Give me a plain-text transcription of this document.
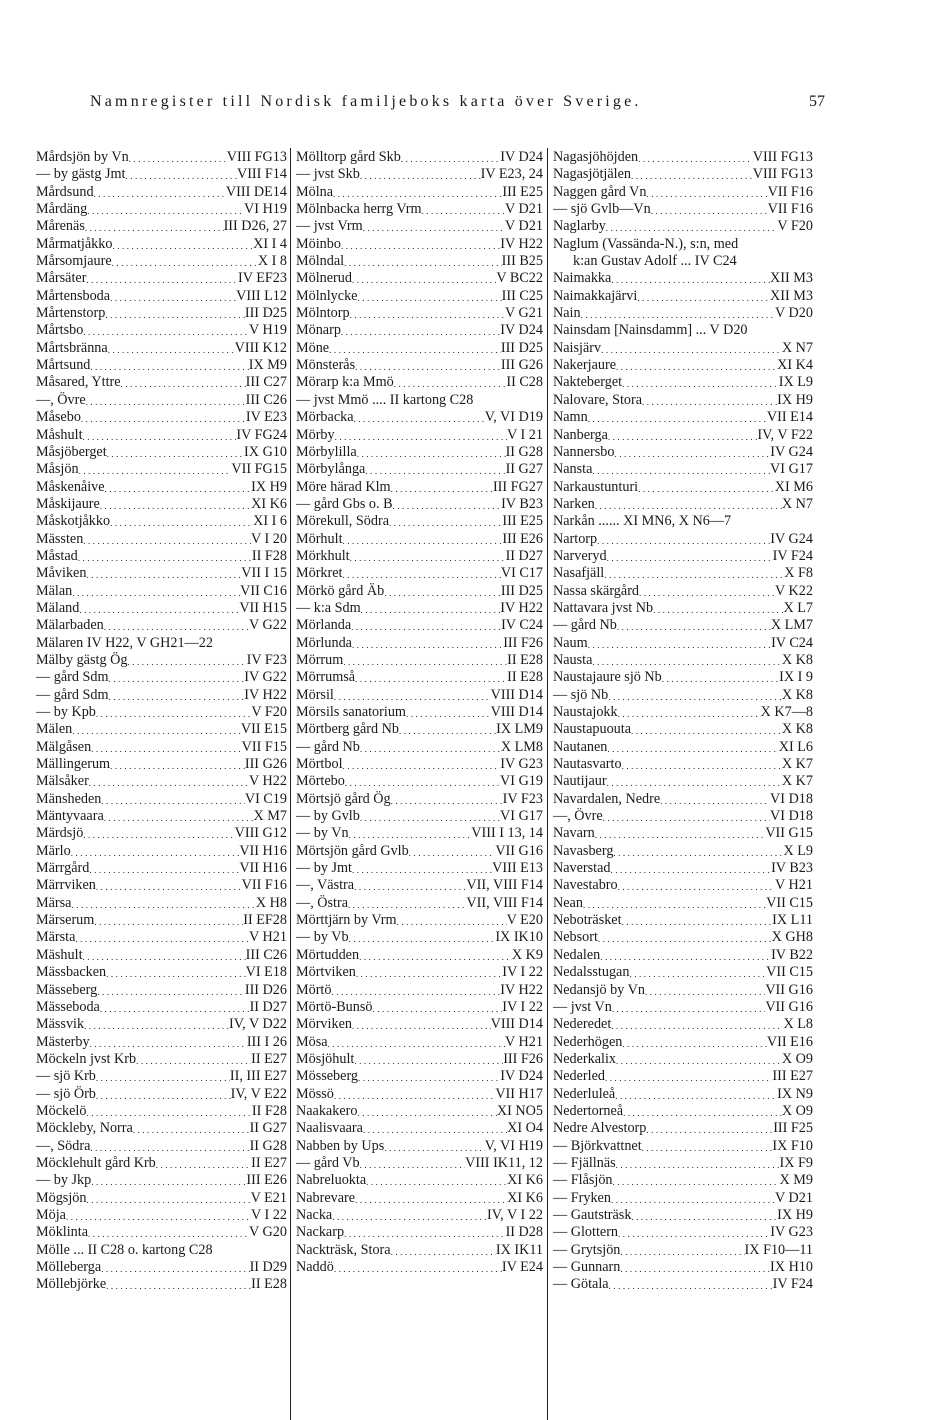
Namnregister till Nordisk familjeboks karta över Sverige.	57
Mårdsjön by Vn .....	VIII FG13
— by gästg Jmt .....	VIII F14
Mårdsund .....	VIII DE14
Mårdäng .....	VI H19
Mårenäs .....	III D26, 27
Mårmatjåkko .....	XI I 4
Mårsomjaure .....	X I 8
Mårsäter .....	IV EF23
Mårtensboda .....	VIII L12
Mårtenstorp .....	III D25
Mårtsbo .....	V H19
Mårtsbränna .....	VIII K12
Mårtsund .....	IX M9
Måsared, Yttre .....	III C27
—, Övre .....	III C26
Måsebo .....	IV E23
Måshult .....	IV FG24
Måsjöberget .....	IX G10
Måsjön .....	VII FG15
Måskenåive .....	IX H9
Måskijaure .....	XI K6
Måskotjåkko .....	XI I 6
Mässten .....	V I 20
Måstad .....	II F28
Måviken .....	VII I 15
Mälan .....	VII C16
Mäland .....	VII H15
Mälarbaden .....	V G22
Mälaren IV H22, V GH21—22
Mälby gästg Ög .....	IV F23
— gård Sdm .....	IV G22
— gård Sdm .....	IV H22
— by Kpb .....	V F20
Mälen .....	VII E15
Mälgåsen .....	VII F15
Mällingerum .....	III G26
Mälsåker .....	V H22
Mänsheden .....	VI C19
Mäntyvaara .....	X M7
Märdsjö .....	VIII G12
Märlo .....	VII H16
Märrgård .....	VII H16
Märrviken .....	VII F16
Märsa .....	X H8
Märserum .....	II EF28
Märsta .....	V H21
Mäshult .....	III C26
Mässbacken .....	VI E18
Mässeberg .....	III D26
Mässeboda .....	II D27
Mässvik .....	IV, V D22
Mästerby .....	III I 26
Möckeln jvst Krb .....	II E27
— sjö Krb .....	II, III E27
— sjö Örb .....	IV, V E22
Möckelö .....	II F28
Möckleby, Norra .....	II G27
—, Södra .....	II G28
Möcklehult gård Krb .....	II E27
— by Jkp .....	III E26
Mögsjön .....	V E21
Möja .....	V I 22
Möklinta .....	V G20
Mölle ... II C28 o. kartong C28
Mölleberga .....	II D29
Möllebjörke .....	II E28
Mölltorp gård Skb .....	IV D24
— jvst Skb .....	IV E23, 24
Mölna .....	III E25
Mölnbacka herrg Vrm .....	V D21
— jvst Vrm .....	V D21
Möinbo .....	IV H22
Mölndal .....	III B25
Mölnerud .....	V BC22
Mölnlycke .....	III C25
Mölntorp .....	V G21
Mönarp .....	IV D24
Möne .....	III D25
Mönsterås .....	III G26
Mörarp k:a Mmö .....	II C28
— jvst Mmö .... II kartong C28
Mörbacka .....	V, VI D19
Mörby .....	V I 21
Mörbylilla .....	II G28
Mörbylånga .....	II G27
Möre härad Klm .....	III FG27
— gård Gbs o. B .....	IV B23
Mörekull, Södra .....	III E25
Mörhult .....	III E26
Mörkhult .....	II D27
Mörkret .....	VI C17
Mörkö gård Äb .....	III D25
— k:a Sdm .....	IV H22
Mörlanda .....	IV C24
Mörlunda .....	III F26
Mörrum .....	II E28
Mörrumså .....	II E28
Mörsil .....	VIII D14
Mörsils sanatorium .....	VIII D14
Mörtberg gård Nb .....	IX LM9
— gård Nb .....	X LM8
Mörtbol .....	IV G23
Mörtebo .....	VI G19
Mörtsjö gård Ög .....	IV F23
— by Gvlb .....	VI G17
— by Vn .....	VIII I 13, 14
Mörtsjön gård Gvlb .....	VII G16
— by Jmt .....	VIII E13
—, Västra .....	VII, VIII F14
—, Östra .....	VII, VIII F14
Mörttjärn by Vrm .....	V E20
— by Vb .....	IX IK10
Mörtudden .....	X K9
Mörtviken .....	IV I 22
Mörtö .....	IV H22
Mörtö-Bunsö .....	IV I 22
Mörviken .....	VIII D14
Mösa .....	V H21
Mösjöhult .....	III F26
Mösseberg .....	IV D24
Mössö .....	VII H17
Naakakero .....	XI NO5
Naalisvaara .....	XI O4
Nabben by Ups .....	V, VI H19
— gård Vb .....	VIII IK11, 12
Nabreluokta .....	XI K6
Nabrevare .....	XI K6
Nacka .....	IV, V I 22
Nackarp .....	II D28
Nackträsk, Stora .....	IX IK11
Naddö .....	IV E24
Nagasjöhöjden .....	VIII FG13
Nagasjötjälen .....	VIII FG13
Naggen gård Vn .....	VII F16
— sjö Gvlb—Vn .....	VII F16
Naglarby .....	V F20
Naglum (Vassända-N.), s:n, med
k:an Gustav Adolf ... IV C24
Naimakka .....	XII M3
Naimakkajärvi .....	XII M3
Nain .....	V D20
Nainsdam [Nainsdamm] ... V D20
Naisjärv .....	X N7
Nakerjaure .....	XI K4
Nakteberget .....	IX L9
Nalovare, Stora .....	IX H9
Namn .....	VII E14
Nanberga .....	IV, V F22
Nannersbo .....	IV G24
Nansta .....	VI G17
Narkaustunturi .....	XI M6
Narken .....	X N7
Narkån ...... XI MN6, X N6—7
Nartorp .....	IV G24
Narveryd .....	IV F24
Nasafjäll .....	X F8
Nassa skärgård .....	V K22
Nattavara jvst Nb .....	X L7
— gård Nb .....	X LM7
Naum .....	IV C24
Nausta .....	X K8
Naustajaure sjö Nb .....	IX I 9
— sjö Nb .....	X K8
Naustajokk .....	X K7—8
Naustapuouta .....	X K8
Nautanen .....	XI L6
Nautasvarto .....	X K7
Nautijaur .....	X K7
Navardalen, Nedre .....	VI D18
—, Övre .....	VI D18
Navarn .....	VII G15
Navasberg .....	X L9
Naverstad .....	IV B23
Navestabro .....	V H21
Nean .....	VII C15
Neboträsket .....	IX L11
Nebsort .....	X GH8
Nedalen .....	IV B22
Nedalsstugan .....	VII C15
Nedansjö by Vn .....	VII G16
— jvst Vn .....	VII G16
Nederedet .....	X L8
Nederhögen .....	VII E16
Nederkalix .....	X O9
Nederled .....	III E27
Nederluleå .....	IX N9
Nedertorneå .....	X O9
Nedre Alvestorp .....	III F25
— Björkvattnet .....	IX F10
— Fjällnäs .....	IX F9
— Flåsjön .....	X M9
— Fryken .....	V D21
— Gautsträsk .....	IX H9
— Glottern .....	IV G23
— Grytsjön .....	IX F10—11
— Gunnarn .....	IX H10
— Götala .....	IV F24
